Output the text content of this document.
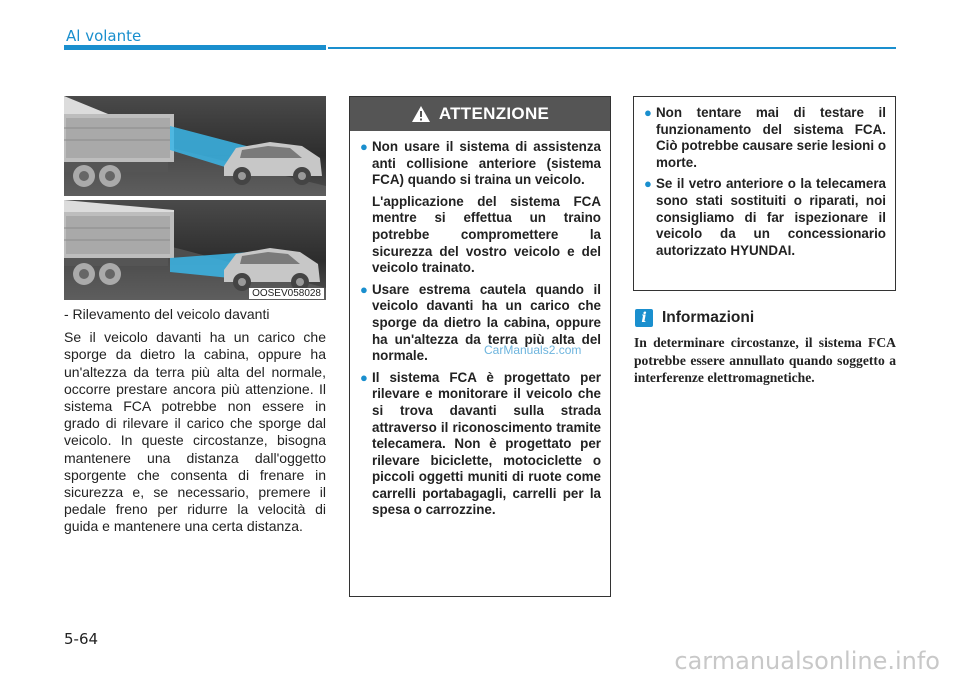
Al volante
OOSEV058028

- Rilevamento del veicolo davanti

Se il veicolo davanti ha un carico che sporge da dietro la cabina, oppure ha un'altezza da terra più alta del normale, occorre prestare ancora più attenzione. Il sistema FCA potrebbe non essere in grado di rilevare il carico che sporge dal veicolo. In queste circostanze, bisogna mantenere una distanza dall'oggetto sporgente che consenta di frenare in sicurezza e, se necessario, premere il pedale freno per ridurre la velocità di guida e mantenere una certa distanza.

ATTENZIONE
● Non usare il sistema di assistenza anti collisione anteriore (sistema FCA) quando si traina un veicolo.
L'applicazione del sistema FCA mentre si effettua un traino potrebbe compromettere la sicurezza del vostro veicolo e del veicolo trainato.
● Usare estrema cautela quando il veicolo davanti ha un carico che sporge da dietro la cabina, oppure ha un'altezza da terra più alta del normale.
● Il sistema FCA è progettato per rilevare e monitorare il veicolo che si trova davanti sulla strada attraverso il riconoscimento tramite telecamera. Non è progettato per rilevare biciclette, motociclette o piccoli oggetti muniti di ruote come carrelli portabagagli, carrelli per la spesa o carrozzine.
● Non tentare mai di testare il funzionamento del sistema FCA. Ciò potrebbe causare serie lesioni o morte.
● Se il vetro anteriore o la telecamera sono stati sostituiti o riparati, noi consigliamo di far ispezionare il veicolo da un concessionario autorizzato HYUNDAI.
i Informazioni

In determinare circostanze, il sistema FCA potrebbe essere annullato quando soggetto a interferenze elettromagnetiche.

CarManuals2.com
5-64
carmanualsonline.info
